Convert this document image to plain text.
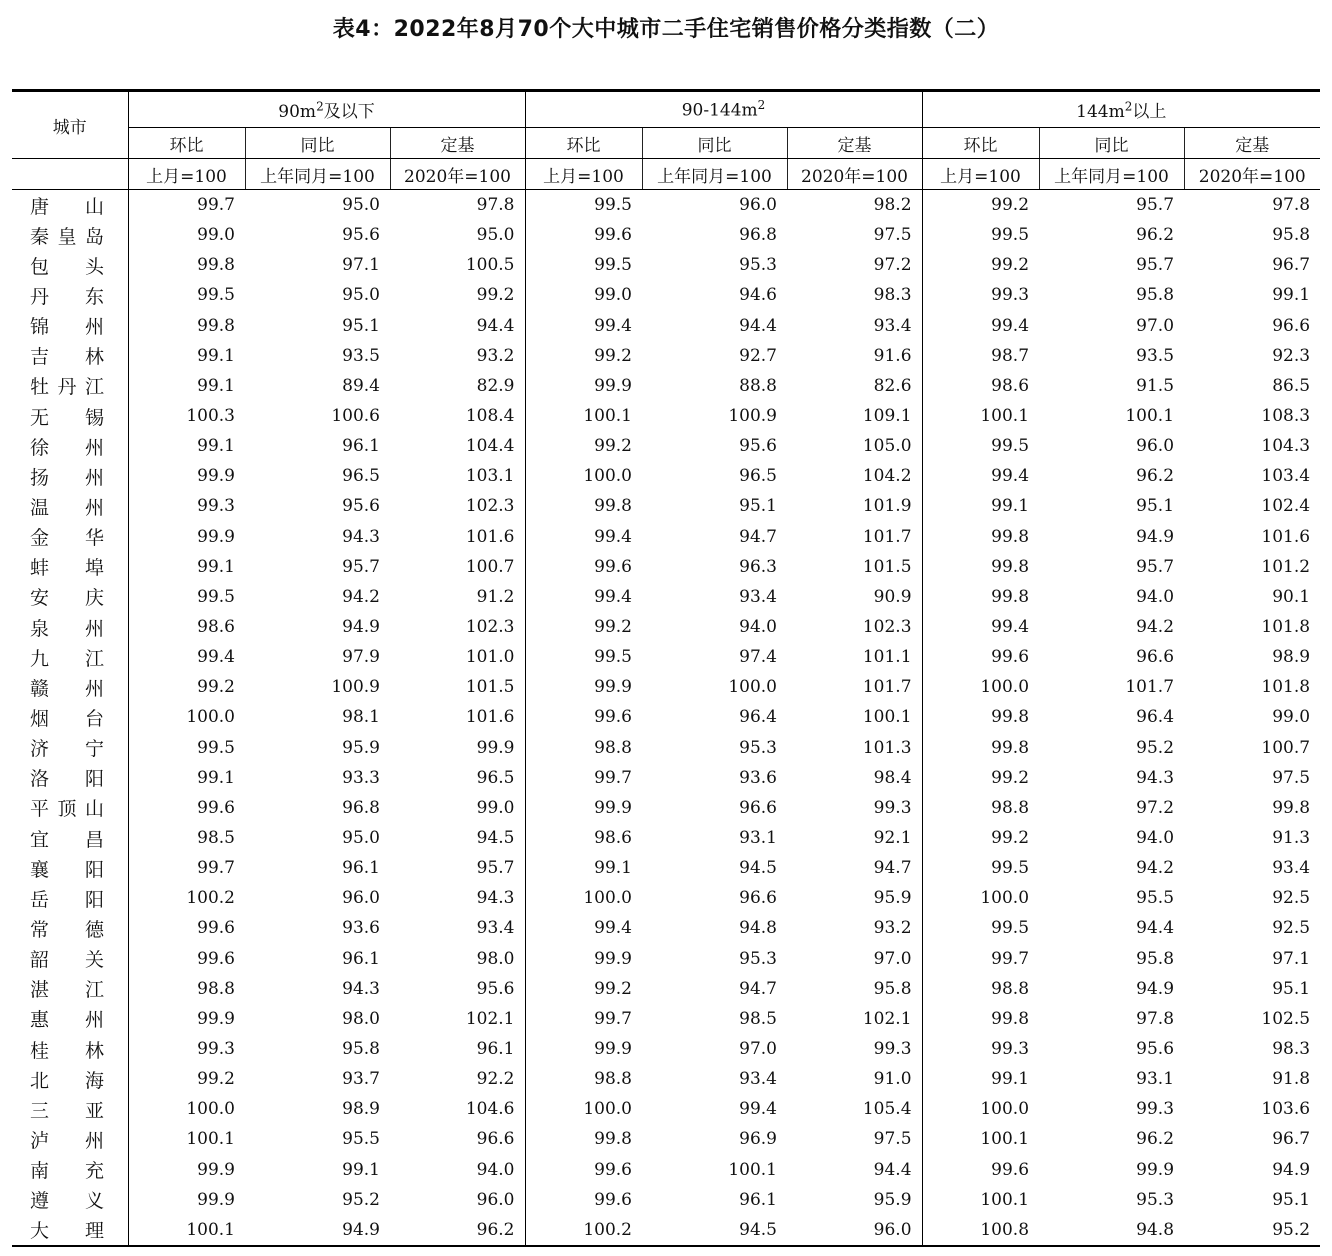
表4：2022年8月70个大中城市二手住宅销售价格分类指数（二）
城市	$90m^2$及以下			$90-144m^2$			$144m^2$以上		
	环比	同比	定基	环比	同比	定基	环比	同比	定基
	上月=100	上年同月=100	2020年=100	上月=100	上年同月=100	2020年=100	上月=100	上年同月=100	2020年=100

唐 山	99.7	95.0	97.8	99.5	96.0	98.2	99.2	95.7	97.8

秦 皇 岛	99.0	95.6	95.0	99.6	96.8	97.5	99.5	96.2	95.8

包 头	99.8	97.1	100.5	99.5	95.3	97.2	99.2	95.7	96.7

丹 东	99.5	95.0	99.2	99.0	94.6	98.3	99.3	95.8	99.1

锦 州	99.8	95.1	94.4	99.4	94.4	93.4	99.4	97.0	96.6

吉 林	99.1	93.5	93.2	99.2	92.7	91.6	98.7	93.5	92.3

牡 丹 江	99.1	89.4	82.9	99.9	88.8	82.6	98.6	91.5	86.5

无 锡	100.3	100.6	108.4	100.1	100.9	109.1	100.1	100.1	108.3

徐 州	99.1	96.1	104.4	99.2	95.6	105.0	99.5	96.0	104.3

扬 州	99.9	96.5	103.1	100.0	96.5	104.2	99.4	96.2	103.4

温 州	99.3	95.6	102.3	99.8	95.1	101.9	99.1	95.1	102.4

金 华	99.9	94.3	101.6	99.4	94.7	101.7	99.8	94.9	101.6

蚌 埠	99.1	95.7	100.7	99.6	96.3	101.5	99.8	95.7	101.2

安 庆	99.5	94.2	91.2	99.4	93.4	90.9	99.8	94.0	90.1

泉 州	98.6	94.9	102.3	99.2	94.0	102.3	99.4	94.2	101.8

九 江	99.4	97.9	101.0	99.5	97.4	101.1	99.6	96.6	98.9

赣 州	99.2	100.9	101.5	99.9	100.0	101.7	100.0	101.7	101.8

烟 台	100.0	98.1	101.6	99.6	96.4	100.1	99.8	96.4	99.0

济 宁	99.5	95.9	99.9	98.8	95.3	101.3	99.8	95.2	100.7

洛 阳	99.1	93.3	96.5	99.7	93.6	98.4	99.2	94.3	97.5

平 顶 山	99.6	96.8	99.0	99.9	96.6	99.3	98.8	97.2	99.8

宜 昌	98.5	95.0	94.5	98.6	93.1	92.1	99.2	94.0	91.3

襄 阳	99.7	96.1	95.7	99.1	94.5	94.7	99.5	94.2	93.4

岳 阳	100.2	96.0	94.3	100.0	96.6	95.9	100.0	95.5	92.5

常 德	99.6	93.6	93.4	99.4	94.8	93.2	99.5	94.4	92.5

韶 关	99.6	96.1	98.0	99.9	95.3	97.0	99.7	95.8	97.1

湛 江	98.8	94.3	95.6	99.2	94.7	95.8	98.8	94.9	95.1

惠 州	99.9	98.0	102.1	99.7	98.5	102.1	99.8	97.8	102.5

桂 林	99.3	95.8	96.1	99.9	97.0	99.3	99.3	95.6	98.3

北 海	99.2	93.7	92.2	98.8	93.4	91.0	99.1	93.1	91.8

三 亚	100.0	98.9	104.6	100.0	99.4	105.4	100.0	99.3	103.6

泸 州	100.1	95.5	96.6	99.8	96.9	97.5	100.1	96.2	96.7

南 充	99.9	99.1	94.0	99.6	100.1	94.4	99.6	99.9	94.9

遵 义	99.9	95.2	96.0	99.6	96.1	95.9	100.1	95.3	95.1

大 理	100.1	94.9	96.2	100.2	94.5	96.0	100.8	94.8	95.2
